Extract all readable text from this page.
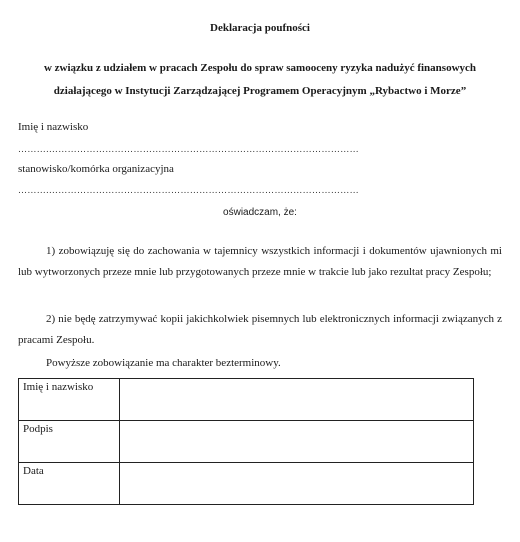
Deklaracja poufności

w związku z udziałem w pracach Zespołu do spraw samooceny ryzyka nadużyć finansowych

działającego w Instytucji Zarządzającej Programem Operacyjnym „Rybactwo i Morze”

Imię i nazwisko

……….………………………………………………………………………………………

stanowisko/komórka organizacyjna

……….………………………………………………………………………………………

oświadczam, że:

1) zobowiązuję się do zachowania w tajemnicy wszystkich informacji i dokumentów ujawnionych mi lub wytworzonych przeze mnie lub przygotowanych przeze mnie w trakcie lub jako rezultat pracy Zespołu;

2) nie będę zatrzymywać kopii jakichkolwiek pisemnych lub elektronicznych informacji związanych z pracami Zespołu.

Powyższe zobowiązanie ma charakter bezterminowy.

Imię i nazwisko	
Podpis	
Data	
